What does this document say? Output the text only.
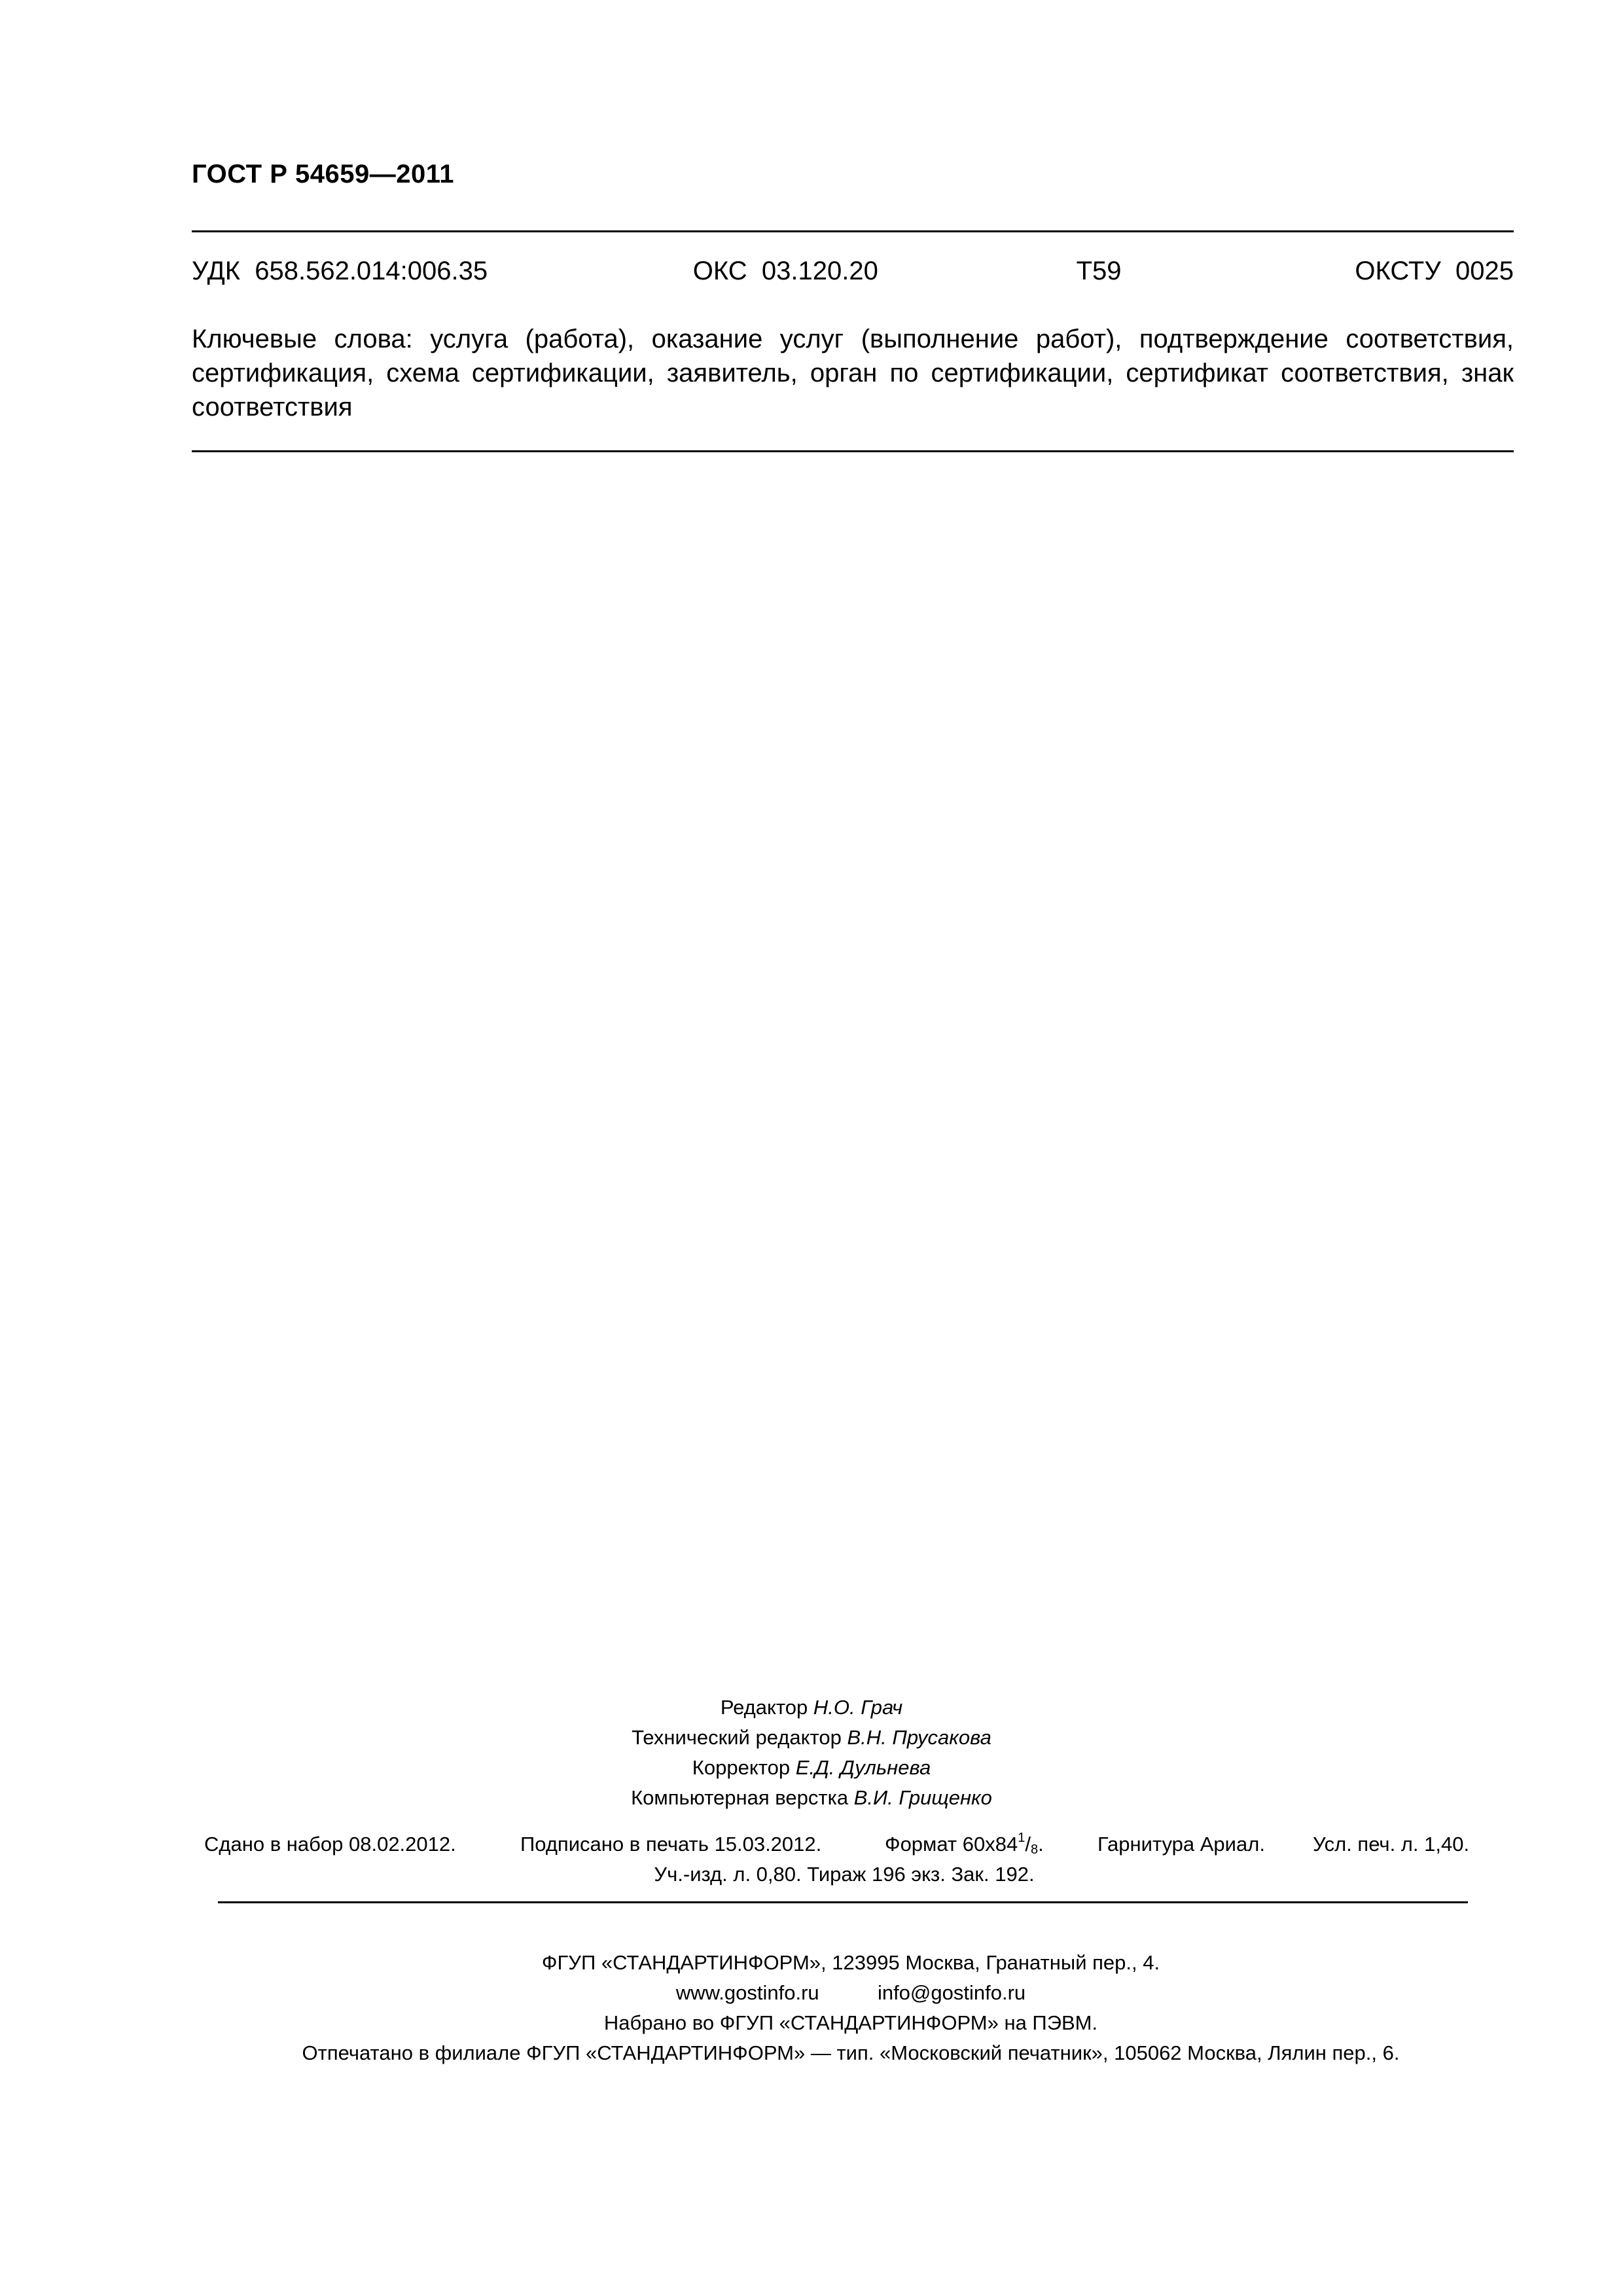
ГОСТ Р 54659—2011
УДК  658.562.014:006.35	ОКС  03.120.20	Т59	ОКСТУ  0025
Ключевые слова: услуга (работа), оказание услуг (выполнение работ), подтверждение соответствия, сертификация, схема сертификации, заявитель, орган по сертификации, сертификат соответствия, знак соответствия
Редактор Н.О. Грач
Технический редактор В.Н. Прусакова
Корректор Е.Д. Дульнева
Компьютерная верстка В.И. Грищенко
Сдано в набор 08.02.2012.	Подписано в печать 15.03.2012.	Формат $60х84^1/_8$.	Гарнитура Ариал. Усл. печ. л. 1,40.
Уч.-изд. л. 0,80. Тираж 196 экз. Зак. 192.
ФГУП «СТАНДАРТИНФОРМ», 123995 Москва, Гранатный пер., 4.
www.gostinfo.ru	info@gostinfo.ru
Набрано во ФГУП «СТАНДАРТИНФОРМ» на ПЭВМ.
Отпечатано в филиале ФГУП «СТАНДАРТИНФОРМ» — тип. «Московский печатник», 105062 Москва, Лялин пер., 6.
